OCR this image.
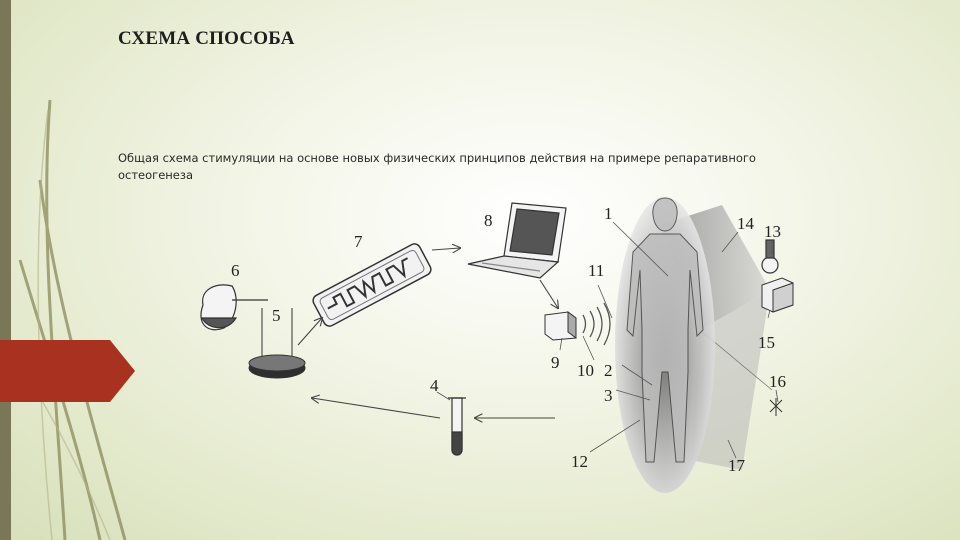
СХЕМА СПОСОБА
Общая схема стимуляции на основе новых физических принципов действия на примере репаративного остеогенеза
1
2
3
4
5
6
7
8
9 10
11
12
13
14
15
16
17
